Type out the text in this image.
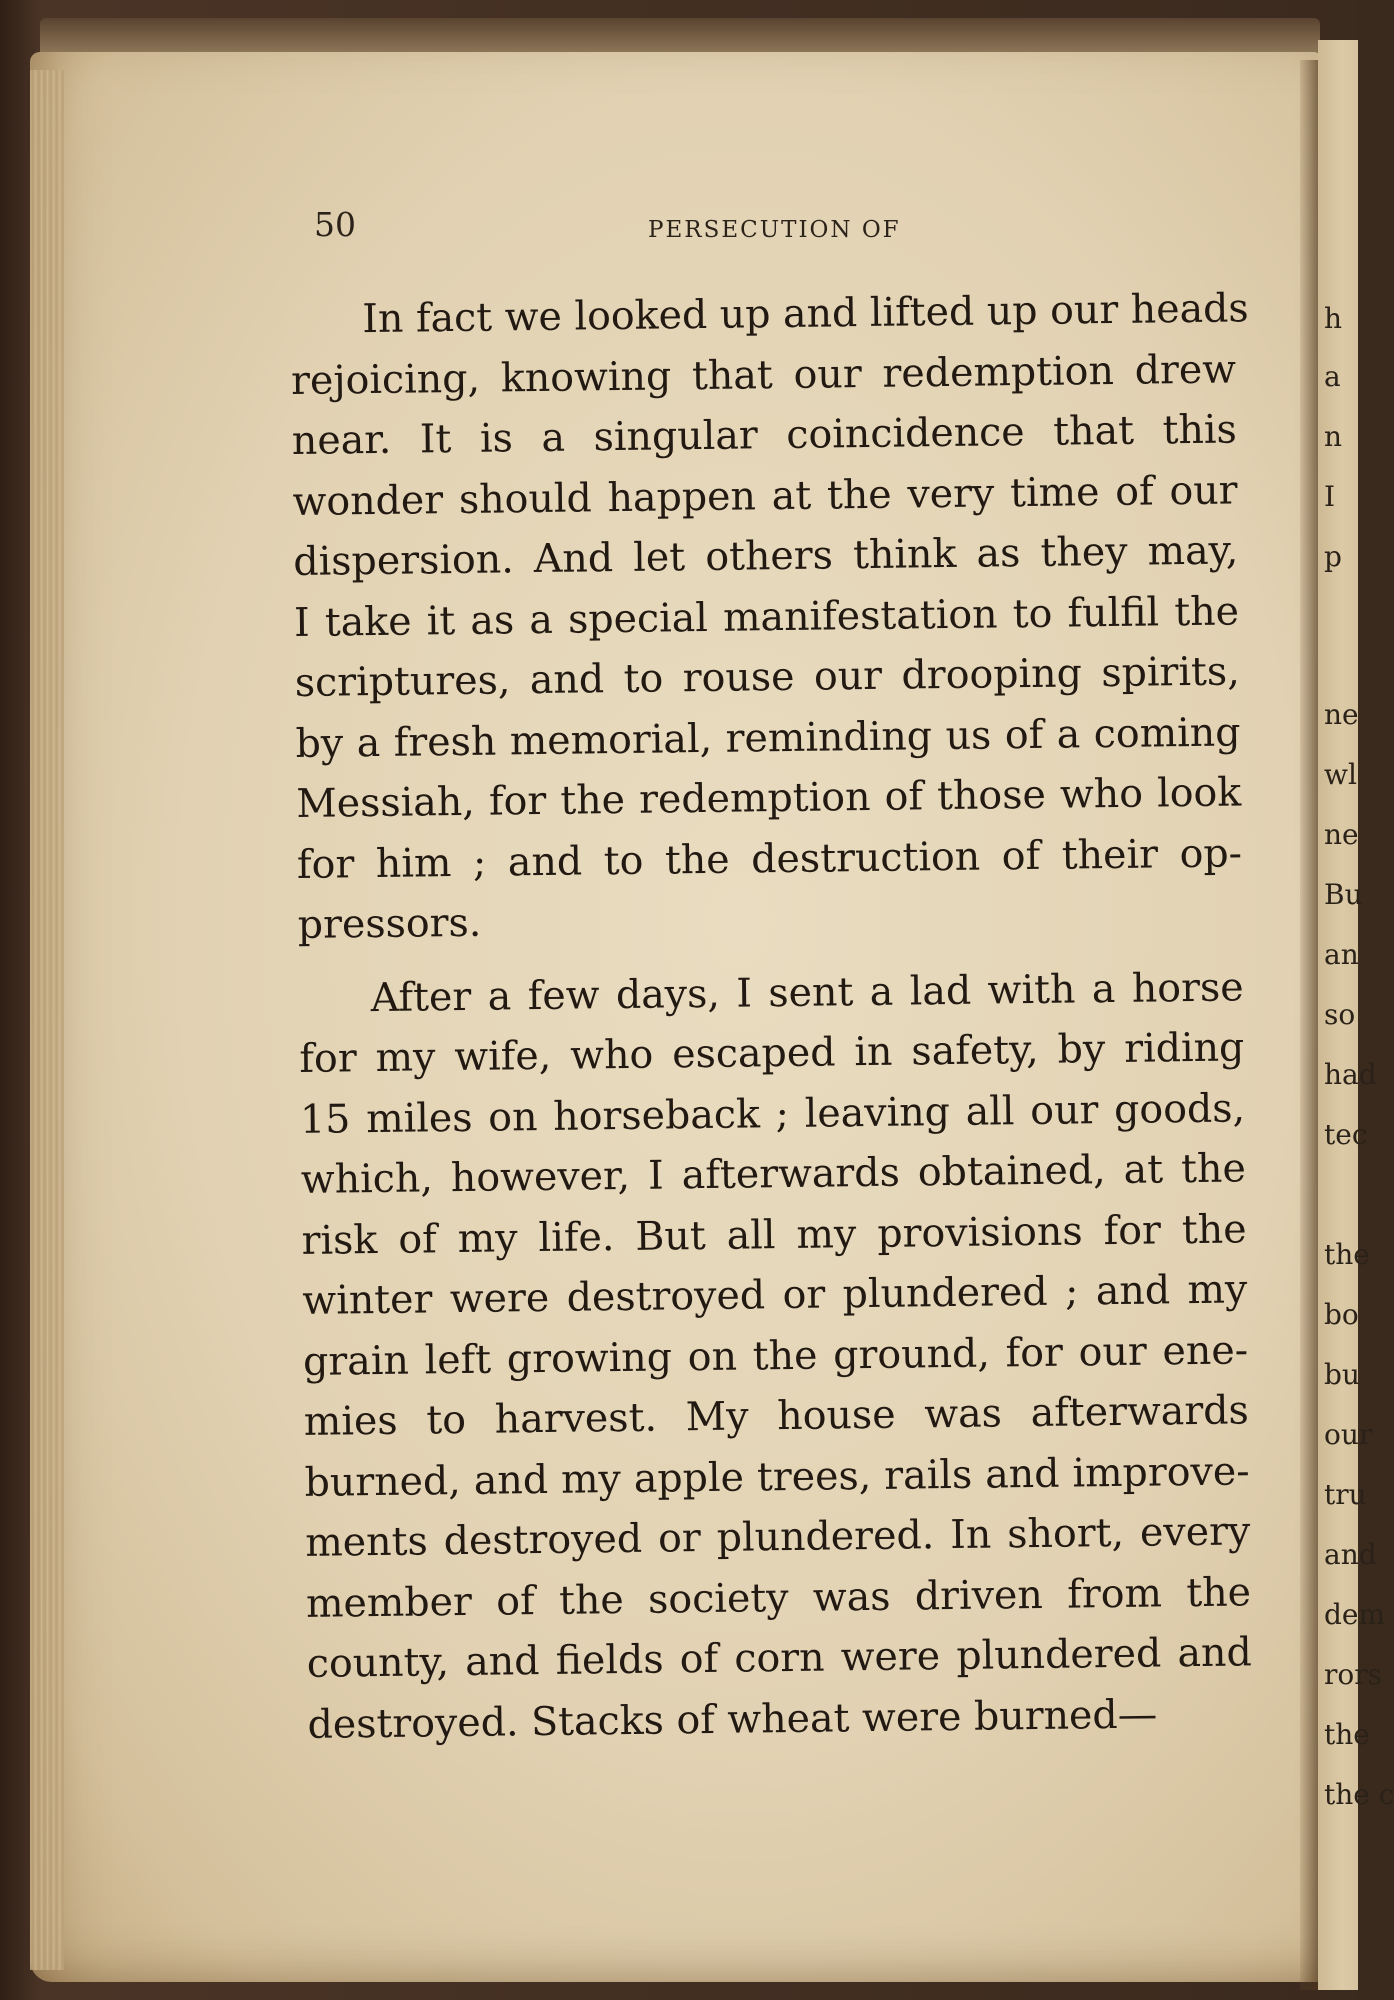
h

a

n

I

p

ne

wl

ne

Bu

an

so

had

tec

the

bo

bu

our

tru

and

dem

rors

the

the c

50	PERSECUTION OF

In fact we looked up and lifted up our heads
rejoicing, knowing that our redemption drew
near. It is a singular coincidence that this
wonder should happen at the very time of our
dispersion. And let others think as they may,
I take it as a special manifestation to fulfil the
scriptures, and to rouse our drooping spirits,
by a fresh memorial, reminding us of a coming
Messiah, for the redemption of those who look
for him ; and to the destruction of their op-
pressors.

After a few days, I sent a lad with a horse
for my wife, who escaped in safety, by riding
15 miles on horseback ; leaving all our goods,
which, however, I afterwards obtained, at the
risk of my life. But all my provisions for the
winter were destroyed or plundered ; and my
grain left growing on the ground, for our ene-
mies to harvest. My house was afterwards
burned, and my apple trees, rails and improve-
ments destroyed or plundered. In short, every
member of the society was driven from the
county, and fields of corn were plundered and
destroyed. Stacks of wheat were burned—
